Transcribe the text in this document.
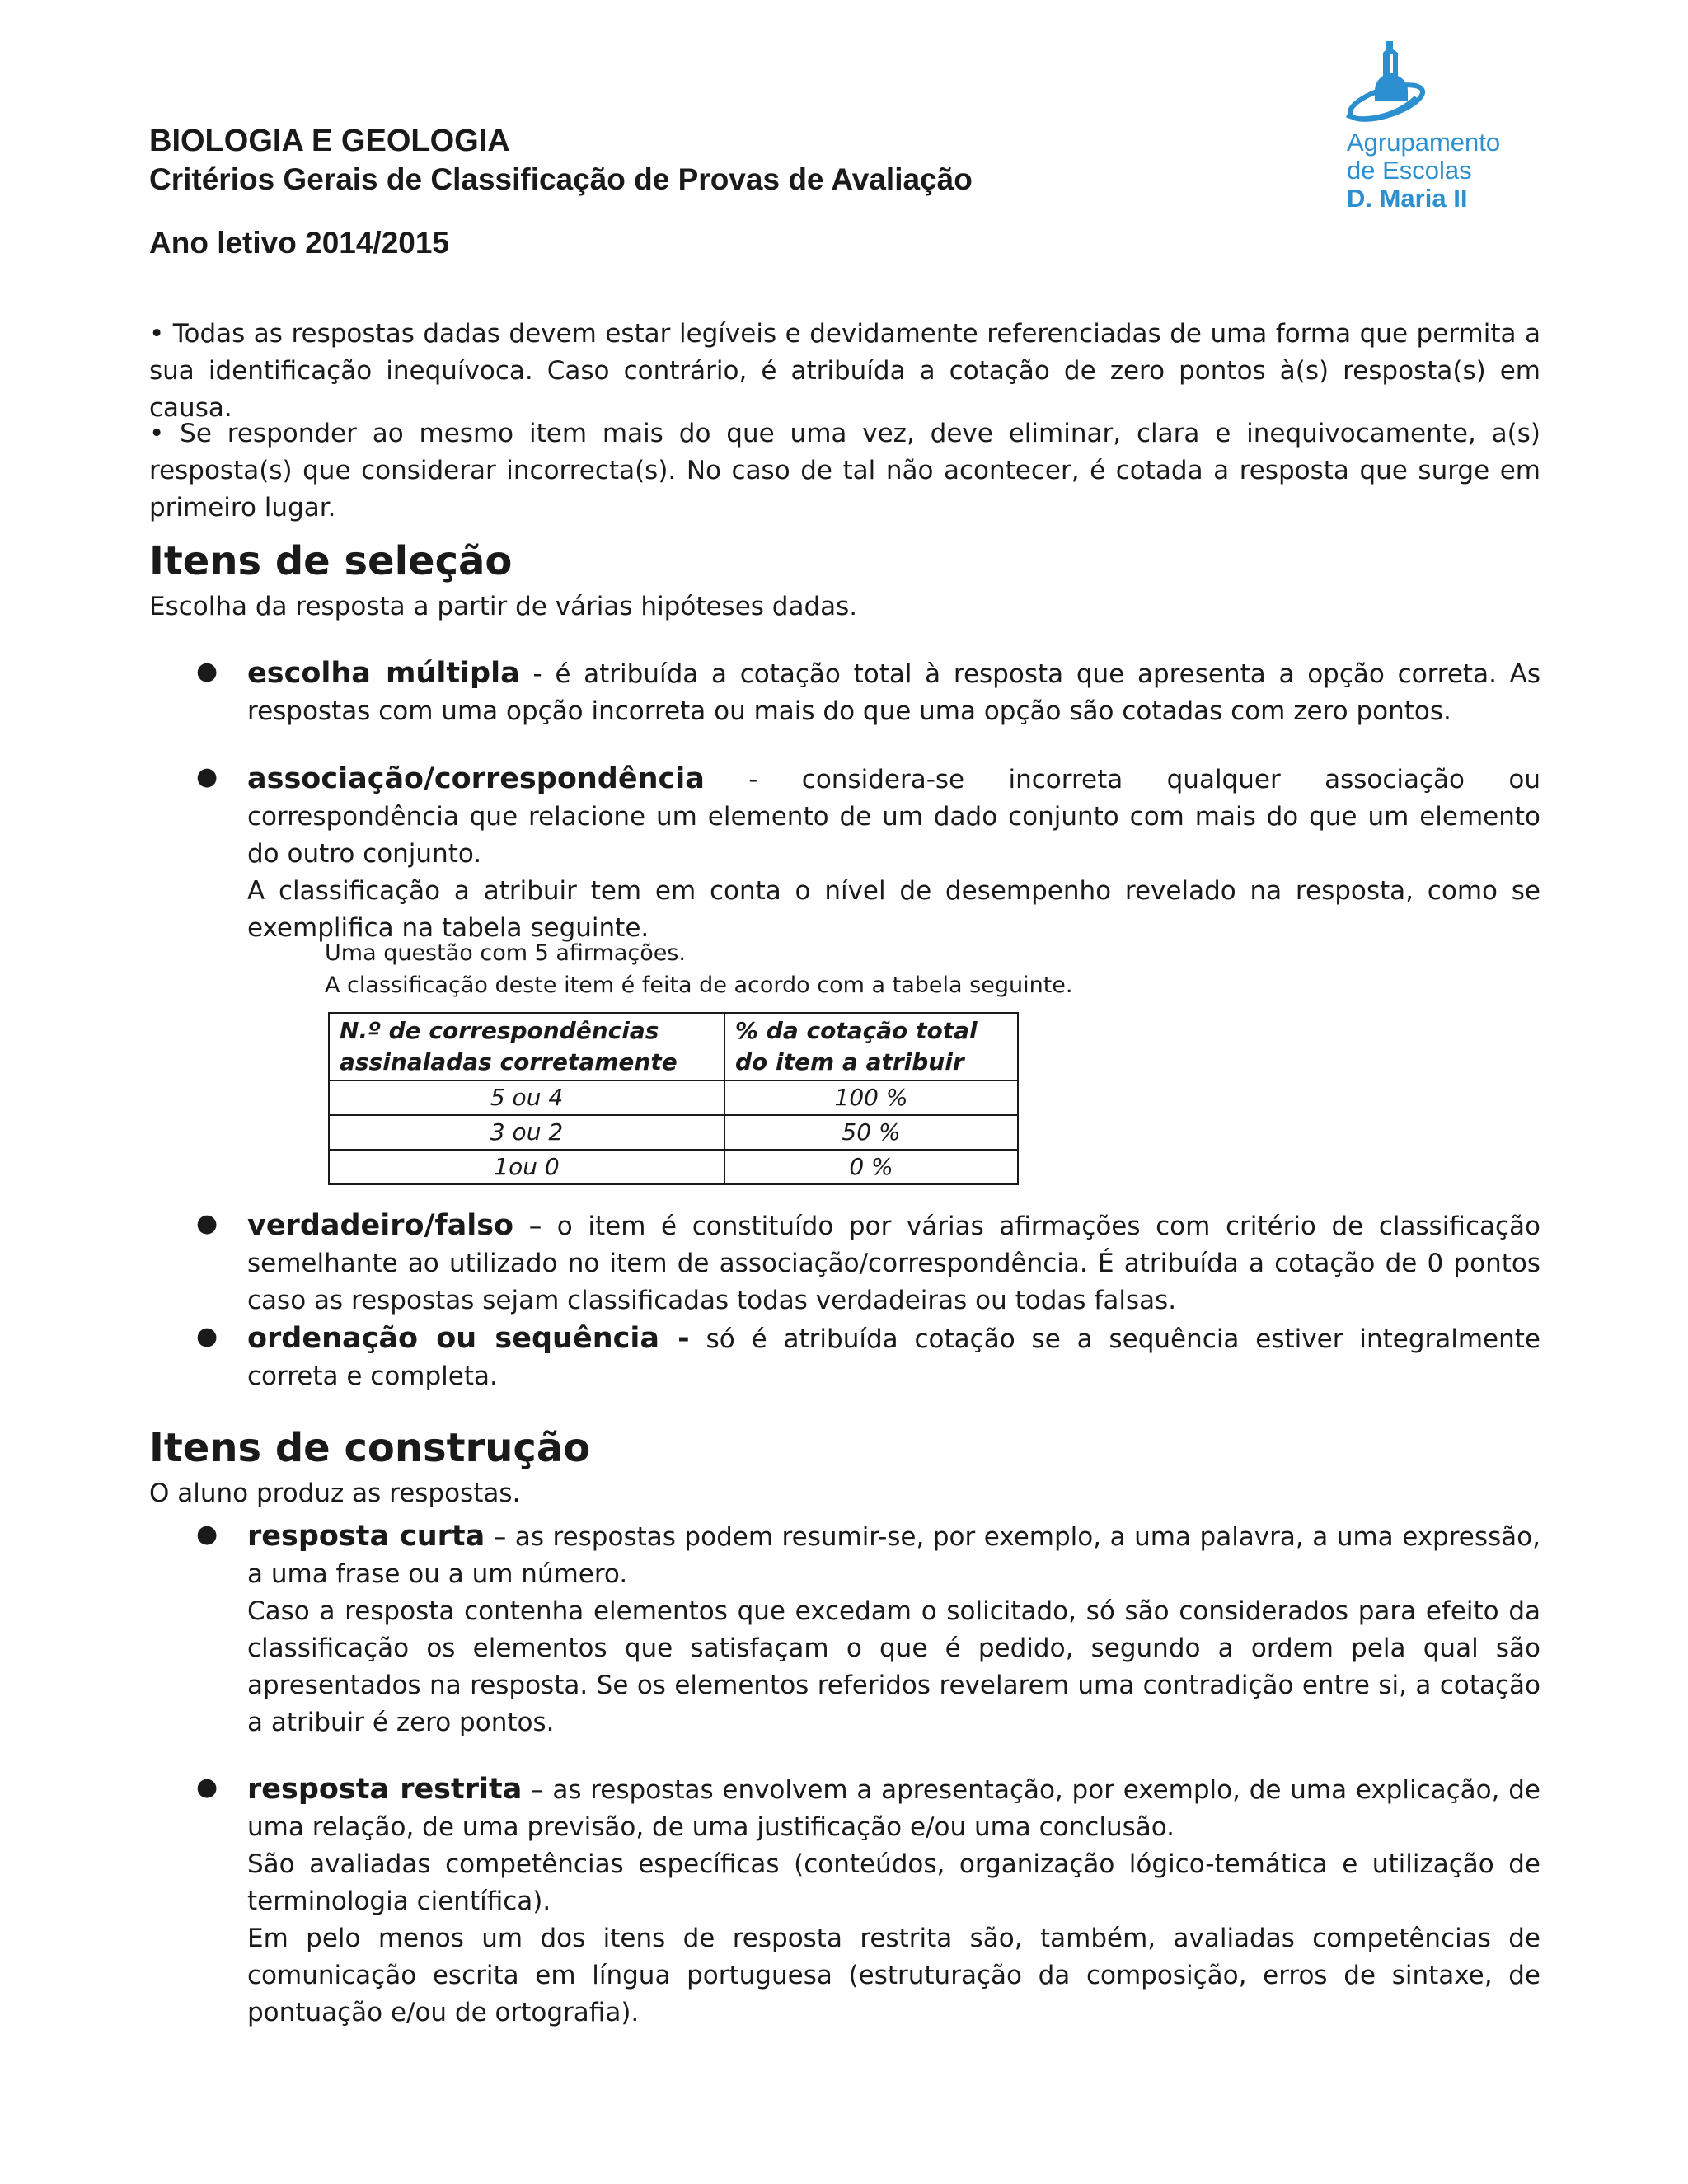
BIOLOGIA E GEOLOGIA
Critérios Gerais de Classificação de Provas de Avaliação
Ano letivo 2014/2015
Agrupamento
de Escolas
D. Maria II

• Todas as respostas dadas devem estar legíveis e devidamente referenciadas de uma forma que permita a sua identificação inequívoca. Caso contrário, é atribuída a cotação de zero pontos à(s) resposta(s) em causa.

• Se responder ao mesmo item mais do que uma vez, deve eliminar, clara e inequivocamente, a(s) resposta(s) que considerar incorrecta(s). No caso de tal não acontecer, é cotada a resposta que surge em primeiro lugar.

Itens de seleção

Escolha da resposta a partir de várias hipóteses dadas.

● escolha múltipla - é atribuída a cotação total à resposta que apresenta a opção correta. As respostas com uma opção incorreta ou mais do que uma opção são cotadas com zero pontos.

● associação/correspondência - considera-se incorreta qualquer associação ou correspondência que relacione um elemento de um dado conjunto com mais do que um elemento do outro conjunto.

A classificação a atribuir tem em conta o nível de desempenho revelado na resposta, como se exemplifica na tabela seguinte.

Uma questão com 5 afirmações.

A classificação deste item é feita de acordo com a tabela seguinte.

N.º de correspondências assinaladas corretamente	% da cotação total do item a atribuir
5 ou 4	100 %
3 ou 2	50 %
1ou 0	0 %
● verdadeiro/falso – o item é constituído por várias afirmações com critério de classificação semelhante ao utilizado no item de associação/correspondência. É atribuída a cotação de 0 pontos caso as respostas sejam classificadas todas verdadeiras ou todas falsas.

● ordenação ou sequência - só é atribuída cotação se a sequência estiver integralmente correta e completa.

Itens de construção

O aluno produz as respostas.

● resposta curta – as respostas podem resumir-se, por exemplo, a uma palavra, a uma expressão, a uma frase ou a um número.

Caso a resposta contenha elementos que excedam o solicitado, só são considerados para efeito da classificação os elementos que satisfaçam o que é pedido, segundo a ordem pela qual são apresentados na resposta. Se os elementos referidos revelarem uma contradição entre si, a cotação a atribuir é zero pontos.

● resposta restrita – as respostas envolvem a apresentação, por exemplo, de uma explicação, de uma relação, de uma previsão, de uma justificação e/ou uma conclusão.

São avaliadas competências específicas (conteúdos, organização lógico-temática e utilização de terminologia científica).

Em pelo menos um dos itens de resposta restrita são, também, avaliadas competências de comunicação escrita em língua portuguesa (estruturação da composição, erros de sintaxe, de pontuação e/ou de ortografia).
